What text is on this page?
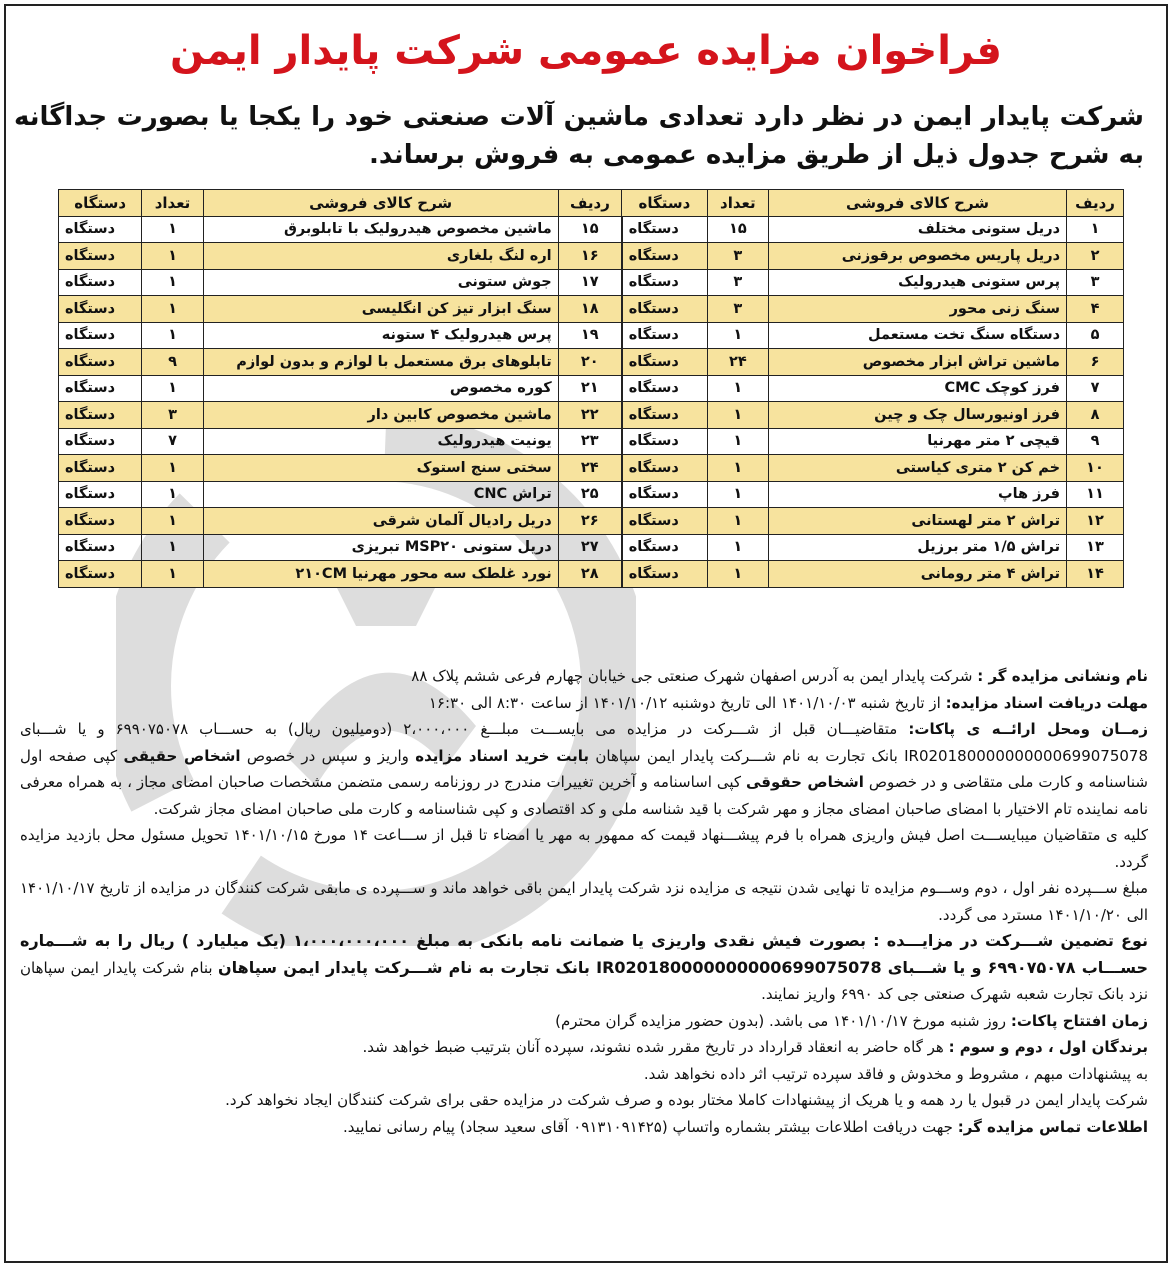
فراخوان مزایده عمومی شرکت پایدار ایمن
شرکت پایدار ایمن در نظر دارد تعدادی ماشین آلات صنعتی خود را یکجا یا بصورت جداگانه به شرح جدول ذیل از طریق مزایده عمومی به فروش برساند.
ردیف	شرح کالای فروشی	تعداد	دستگاه	ردیف	شرح کالای فروشی	تعداد	دستگاه
۱	دریل ستونی مختلف	۱۵	دستگاه	۱۵	ماشین مخصوص هیدرولیک با تابلوبرق	۱	دستگاه
۲	دریل پاریس مخصوص برقوزنی	۳	دستگاه	۱۶	اره لنگ بلغاری	۱	دستگاه
۳	پرس ستونی هیدرولیک	۳	دستگاه	۱۷	جوش ستونی	۱	دستگاه
۴	سنگ زنی محور	۳	دستگاه	۱۸	سنگ ابزار تیز کن انگلیسی	۱	دستگاه
۵	دستگاه سنگ تخت مستعمل	۱	دستگاه	۱۹	پرس هیدرولیک ۴ ستونه	۱	دستگاه
۶	ماشین تراش ابزار مخصوص	۲۴	دستگاه	۲۰	تابلوهای برق مستعمل با لوازم و بدون لوازم	۹	دستگاه
۷	فرز کوچک CMC	۱	دستگاه	۲۱	کوره مخصوص	۱	دستگاه
۸	فرز اونیورسال چک و چین	۱	دستگاه	۲۲	ماشین مخصوص کابین دار	۳	دستگاه
۹	قیچی ۲ متر مهرنیا	۱	دستگاه	۲۳	یونیت هیدرولیک	۷	دستگاه
۱۰	خم کن ۲ متری کیاستی	۱	دستگاه	۲۴	سختی سنج استوک	۱	دستگاه
۱۱	فرز هاپ	۱	دستگاه	۲۵	تراش CNC	۱	دستگاه
۱۲	تراش ۲ متر لهستانی	۱	دستگاه	۲۶	دریل رادیال آلمان شرقی	۱	دستگاه
۱۳	تراش ۱/۵ متر برزیل	۱	دستگاه	۲۷	دریل ستونی MSP۲۰ تبریزی	۱	دستگاه
۱۴	تراش ۴ متر رومانی	۱	دستگاه	۲۸	نورد غلطک سه محور مهرنیا ۲۱۰CM	۱	دستگاه

نام ونشانی مزایده گر : شرکت پایدار ایمن به آدرس اصفهان شهرک صنعتی جی خیابان چهارم فرعی ششم پلاک ۸۸

مهلت دریافت اسناد مزایده: از تاریخ شنبه ۱۴۰۱/۱۰/۰۳ الی تاریخ دوشنبه ۱۴۰۱/۱۰/۱۲ از ساعت ۸:۳۰ الی ۱۶:۳۰

زمــان ومحل ارائــه ی پاکات: متقاضیـــان قبل از شـــرکت در مزایده می بایســـت مبلـــغ ۲،۰۰۰،۰۰۰ (دومیلیون ریال) به حســـاب ۶۹۹۰۷۵۰۷۸ و یا شـــبای IR020180000000000699075078 بانک تجارت به نام شـــرکت پایدار ایمن سپاهان بابت خرید اسناد مزایده واریز و سپس در خصوص اشخاص حقیقی کپی صفحه اول شناسنامه و کارت ملی متقاضی و در خصوص اشخاص حقوقی کپی اساسنامه و آخرین تغییرات مندرج در روزنامه رسمی متضمن مشخصات صاحبان امضای مجاز ، به همراه معرفی نامه نماینده تام الاختیار با امضای صاحبان امضای مجاز و مهر شرکت با قید شناسه ملی و کد اقتصادی و کپی شناسنامه و کارت ملی صاحبان امضای مجاز شرکت.

کلیه ی متقاضیان میبایســـت اصل فیش واریزی همراه با فرم پیشـــنهاد قیمت که ممهور به مهر یا امضاء تا قبل از ســـاعت ۱۴ مورخ ۱۴۰۱/۱۰/۱۵ تحویل مسئول محل بازدید مزایده گردد.

مبلغ ســـپرده نفر اول ، دوم وســـوم مزایده تا نهایی شدن نتیجه ی مزایده نزد شرکت پایدار ایمن باقی خواهد ماند و ســـپرده ی مابقی شرکت کنندگان در مزایده از تاریخ ۱۴۰۱/۱۰/۱۷ الی ۱۴۰۱/۱۰/۲۰ مسترد می گردد.

نوع تضمین شـــرکت در مزایـــده : بصورت فیش نقدی واریزی یا ضمانت نامه بانکی به مبلغ ۱،۰۰۰،۰۰۰،۰۰۰ (یک میلیارد ) ریال را به شـــماره حســـاب ۶۹۹۰۷۵۰۷۸ و یا شـــبای IR020180000000000699075078 بانک تجارت به نام شـــرکت پایدار ایمن سپاهان بنام شرکت پایدار ایمن سپاهان نزد بانک تجارت شعبه شهرک صنعتی جی کد ۶۹۹۰ واریز نمایند.

زمان افتتاح پاکات: روز شنبه مورخ ۱۴۰۱/۱۰/۱۷ می باشد. (بدون حضور مزایده گران محترم)

برندگان اول ، دوم و سوم : هر گاه حاضر به انعقاد قرارداد در تاریخ مقرر شده نشوند، سپرده آنان بترتیب ضبط خواهد شد.

به پیشنهادات مبهم ، مشروط و مخدوش و فاقد سپرده ترتیب اثر داده نخواهد شد.

شرکت پایدار ایمن در قبول یا رد همه و یا هریک از پیشنهادات کاملا مختار بوده و صرف شرکت در مزایده حقی برای شرکت کنندگان ایجاد نخواهد کرد.

اطلاعات تماس مزایده گر: جهت دریافت اطلاعات بیشتر بشماره واتساپ (۰۹۱۳۱۰۹۱۴۲۵ آقای سعید سجاد) پیام رسانی نمایید.
